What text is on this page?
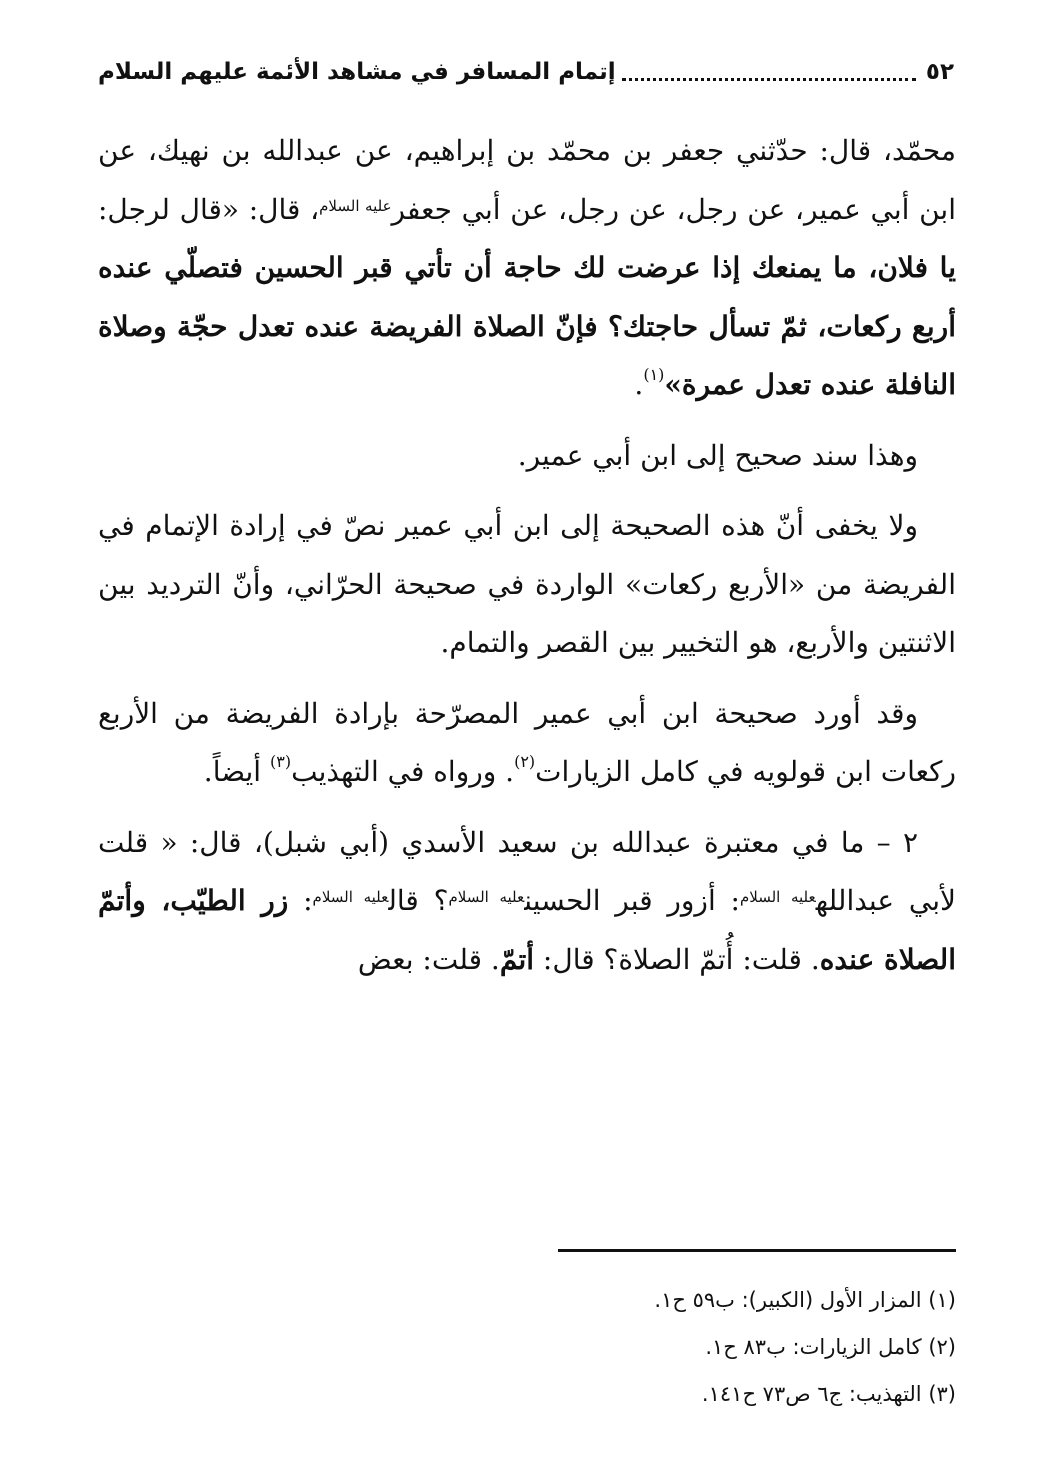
٥٢
إتمام المسافر في مشاهد الأئمة عليهم السلام

محمّد، قال: حدّثني جعفر بن محمّد بن إبراهيم، عن عبدالله بن نهيك، عن ابن أبي عمير، عن رجل، عن رجل، عن أبي جعفر$^{عليه السلام}$، قال: «قال لرجل: يا فلان، ما يمنعك إذا عرضت لك حاجة أن تأتي قبر الحسين فتصلّي عنده أربع ركعات، ثمّ تسأل حاجتك؟ فإنّ الصلاة الفريضة عنده تعدل حجّة وصلاة النافلة عنده تعدل عمرة»$^{(١)}$.

وهذا سند صحيح إلى ابن أبي عمير.

ولا يخفى أنّ هذه الصحيحة إلى ابن أبي عمير نصّ في إرادة الإتمام في الفريضة من «الأربع ركعات» الواردة في صحيحة الحرّاني، وأنّ الترديد بين الاثنتين والأربع، هو التخيير بين القصر والتمام.

وقد أورد صحيحة ابن أبي عمير المصرّحة بإرادة الفريضة من الأربع ركعات ابن قولويه في كامل الزيارات$^{(٢)}$. ورواه في التهذيب$^{(٣)}$ أيضاً.

٢ – ما في معتبرة عبدالله بن سعيد الأسدي (أبي شبل)، قال: « قلت لأبي عبدالله$^{عليه السلام}$: أزور قبر الحسين$^{عليه السلام}$؟ قال$^{عليه السلام}$: زر الطيّب، وأتمّ الصلاة عنده. قلت: أُتمّ الصلاة؟ قال: أتمّ. قلت: بعض

(١) المزار الأول (الكبير): ب٥٩ ح١.
(٢) كامل الزيارات: ب٨٣ ح١.
(٣) التهذيب: ج٦ ص٧٣ ح١٤١.
